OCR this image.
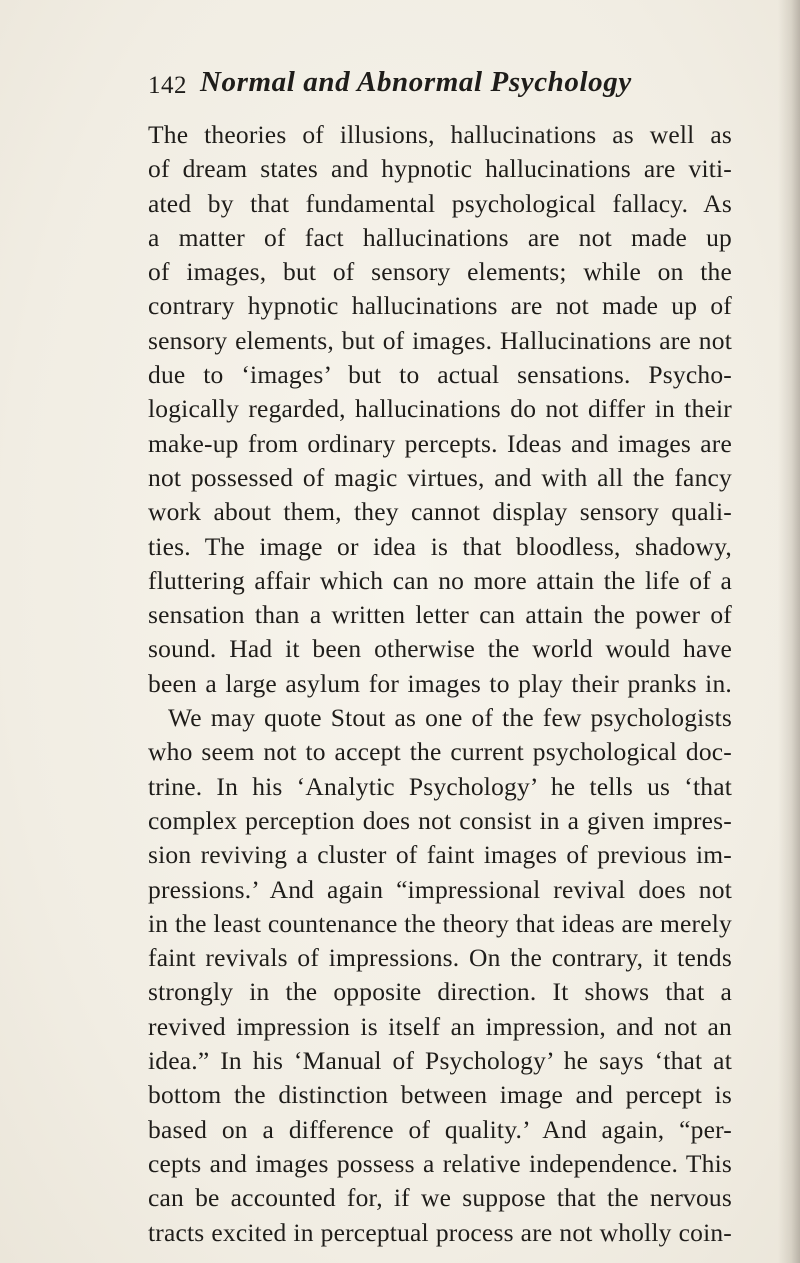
142 Normal and Abnormal Psychology
The theories of illusions, hallucinations as well as
of dream states and hypnotic hallucinations are viti-
ated by that fundamental psychological fallacy. As
a matter of fact hallucinations are not made up
of images, but of sensory elements; while on the
contrary hypnotic hallucinations are not made up of
sensory elements, but of images. Hallucinations are not
due to ‘images’ but to actual sensations. Psycho-
logically regarded, hallucinations do not differ in their
make-up from ordinary percepts. Ideas and images are
not possessed of magic virtues, and with all the fancy
work about them, they cannot display sensory quali-
ties. The image or idea is that bloodless, shadowy,
fluttering affair which can no more attain the life of a
sensation than a written letter can attain the power of
sound. Had it been otherwise the world would have
been a large asylum for images to play their pranks in.
We may quote Stout as one of the few psychologists
who seem not to accept the current psychological doc-
trine. In his ‘Analytic Psychology’ he tells us ‘that
complex perception does not consist in a given impres-
sion reviving a cluster of faint images of previous im-
pressions.’ And again “impressional revival does not
in the least countenance the theory that ideas are merely
faint revivals of impressions. On the contrary, it tends
strongly in the opposite direction. It shows that a
revived impression is itself an impression, and not an
idea.” In his ‘Manual of Psychology’ he says ‘that at
bottom the distinction between image and percept is
based on a difference of quality.’ And again, “per-
cepts and images possess a relative independence. This
can be accounted for, if we suppose that the nervous
tracts excited in perceptual process are not wholly coin-
